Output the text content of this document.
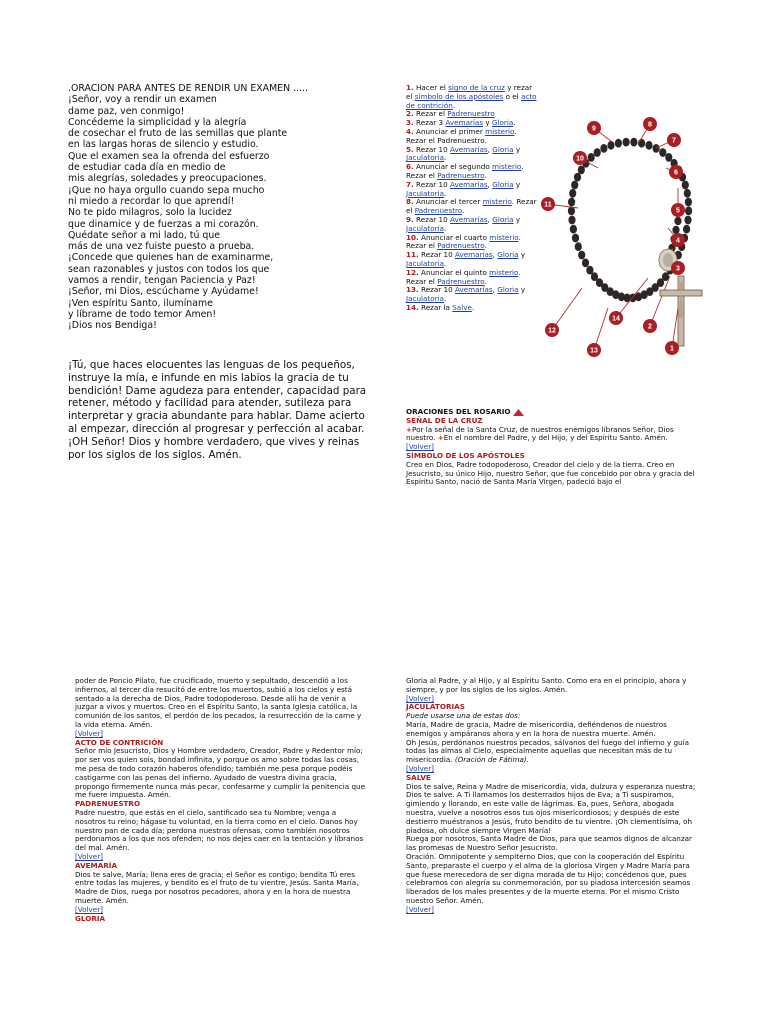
.ORACION PARA ANTES DE RENDIR UN EXAMEN .....
¡Señor, voy a rendir un examen
dame paz, ven conmigo!
Concédeme la simplicidad y la alegría
de cosechar el fruto de las semillas que plante
en las largas horas de silencio y estudio.
Que el examen sea la ofrenda del esfuerzo
de estudiar cada día en medio de
mis alegrías, soledades y preocupaciones.
¡Que no haya orgullo cuando sepa mucho
ni miedo a recordar lo que aprendí!
No te pido milagros, solo la lucidez
que dinamice y de fuerzas a mi corazón.
Quédate señor a mi lado, tú que
más de una vez fuiste puesto a prueba.
¡Concede que quienes han de examinarme,
sean razonables y justos con todos los que
vamos a rendir, tengan Paciencia y Paz!
¡Señor, mi Dios, escúchame y Ayúdame!
¡Ven espíritu Santo, ilumíname
y líbrame de todo temor Amen!
¡Dios nos Bendiga!
¡Tú, que haces elocuentes las lenguas de los pequeños, instruye la mía, e infunde en mis labios la gracia de tu bendición! Dame agudeza para entender, capacidad para retener, método y facilidad para atender, sutileza para interpretar y gracia abundante para hablar. Dame acierto al empezar, dirección al progresar y perfección al acabar.
¡OH Señor! Dios y hombre verdadero, que vives y reinas por los siglos de los siglos. Amén.
1. Hacer el signo de la cruz y rezar el símbolo de los apóstoles o el acto de contrición.
2. Rezar el Padrenuestro
3. Rezar 3 Avemarías y Gloria.
4. Anunciar el primer misterio. Rezar el Padrenuestro.
5. Rezar 10 Avemarías, Gloria y Jaculatoria.
6. Anunciar el segundo misterio. Rezar el Padrenuestro.
7. Rezar 10 Avemarías, Gloria y Jaculatoria.
8. Anunciar el tercer misterio. Rezar el Padrenuestro.
9. Rezar 10 Avemarías, Gloria y Jaculatoria.
10. Anunciar el cuarto misterio. Rezar el Padrenuestro.
11. Rezar 10 Avemarías, Gloria y Jaculatoria.
12. Anunciar el quinto misterio. Rezar el Padrenuestro.
13. Rezar 10 Avemarías, Gloria y Jaculatoria.
14. Rezar la Salve.
1
2
3
4
5
6
7
8
9
10
11
12
13
14
ORACIONES DEL ROSARIO
SEÑAL DE LA CRUZ
+Por la señal de la Santa Cruz, de nuestros enemigos líbranos Señor, Dios nuestro. +En el nombre del Padre, y del Hijo, y del Espíritu Santo. Amén.
[Volver]
SÍMBOLO DE LOS APÓSTOLES
Creo en Dios, Padre todopoderoso, Creador del cielo y de la tierra. Creo en Jesucristo, su único Hijo, nuestro Señor, que fue concebido por obra y gracia del Espíritu Santo, nació de Santa María Virgen, padeció bajo el
poder de Poncio Pilato, fue crucificado, muerto y sepultado, descendió a los infiernos, al tercer día resucitó de entre los muertos, subió a los cielos y está sentado a la derecha de Dios, Padre todopoderoso. Desde allí ha de venir a juzgar a vivos y muertos. Creo en el Espíritu Santo, la santa Iglesia católica, la comunión de los santos, el perdón de los pecados, la resurrección de la carne y la vida eterna. Amén.
[Volver]
ACTO DE CONTRICIÓN
Señor mío Jesucristo, Dios y Hombre verdadero, Creador, Padre y Redentor mío; por ser vos quien sois, bondad infinita, y porque os amo sobre todas las cosas, me pesa de todo corazón haberos ofendido; también me pesa porque podéis castigarme con las penas del infierno. Ayudado de vuestra divina gracia, propongo firmemente nunca más pecar, confesarme y cumplir la penitencia que me fuere impuesta. Amén.
PADRENUESTRO
Padre nuestro, que estás en el cielo, santificado sea tu Nombre; venga a nosotros tu reino; hágase tu voluntad, en la tierra como en el cielo. Danos hoy nuestro pan de cada día; perdona nuestras ofensas, como también nosotros perdonamos a los que nos ofenden; no nos dejes caer en la tentación y líbranos del mal. Amén.
[Volver]
AVEMARÍA
Dios te salve, María; llena eres de gracia; el Señor es contigo; bendita Tú eres entre todas las mujeres, y bendito es el fruto de tu vientre, Jesús. Santa María, Madre de Dios, ruega por nosotros pecadores, ahora y en la hora de nuestra muerte. Amén.
[Volver]
GLORIA
Gloria al Padre, y al Hijo, y al Espíritu Santo. Como era en el principio, ahora y siempre, y por los siglos de los siglos. Amén.
[Volver]
JACULATORIAS
Puede usarse una de estas dos:
María, Madre de gracia, Madre de misericordia, defiéndenos de nuestros enemigos y ampáranos ahora y en la hora de nuestra muerte. Amén.
Oh Jesús, perdónanos nuestros pecados, sálvanos del fuego del infierno y guía todas las almas al Cielo, especialmente aquellas que necesitan más de tu misericordia. (Oración de Fátima).
[Volver]
SALVE
Dios te salve, Reina y Madre de misericordia, vida, dulzura y esperanza nuestra; Dios te salve. A Ti llamamos los desterrados hijos de Eva; a Ti suspiramos, gimiendo y llorando, en este valle de lágrimas. Ea, pues, Señora, abogada nuestra, vuelve a nosotros esos tus ojos misericordiosos; y después de este destierro muéstranos a Jesús, fruto bendito de tu vientre. ¡Oh clementísima, oh piadosa, oh dulce siempre Virgen María!
Ruega por nosotros, Santa Madre de Dios, para que seamos dignos de alcanzar las promesas de Nuestro Señor Jesucristo.
Oración. Omnipotente y sempiterno Dios, que con la cooperación del Espíritu Santo, preparaste el cuerpo y el alma de la gloriosa Virgen y Madre María para que fuese merecedora de ser digna morada de tu Hijo; concédenos que, pues celebramos con alegría su conmemoración, por su piadosa intercesión seamos liberados de los males presentes y de la muerte eterna. Por el mismo Cristo nuestro Señor. Amén.
[Volver]
